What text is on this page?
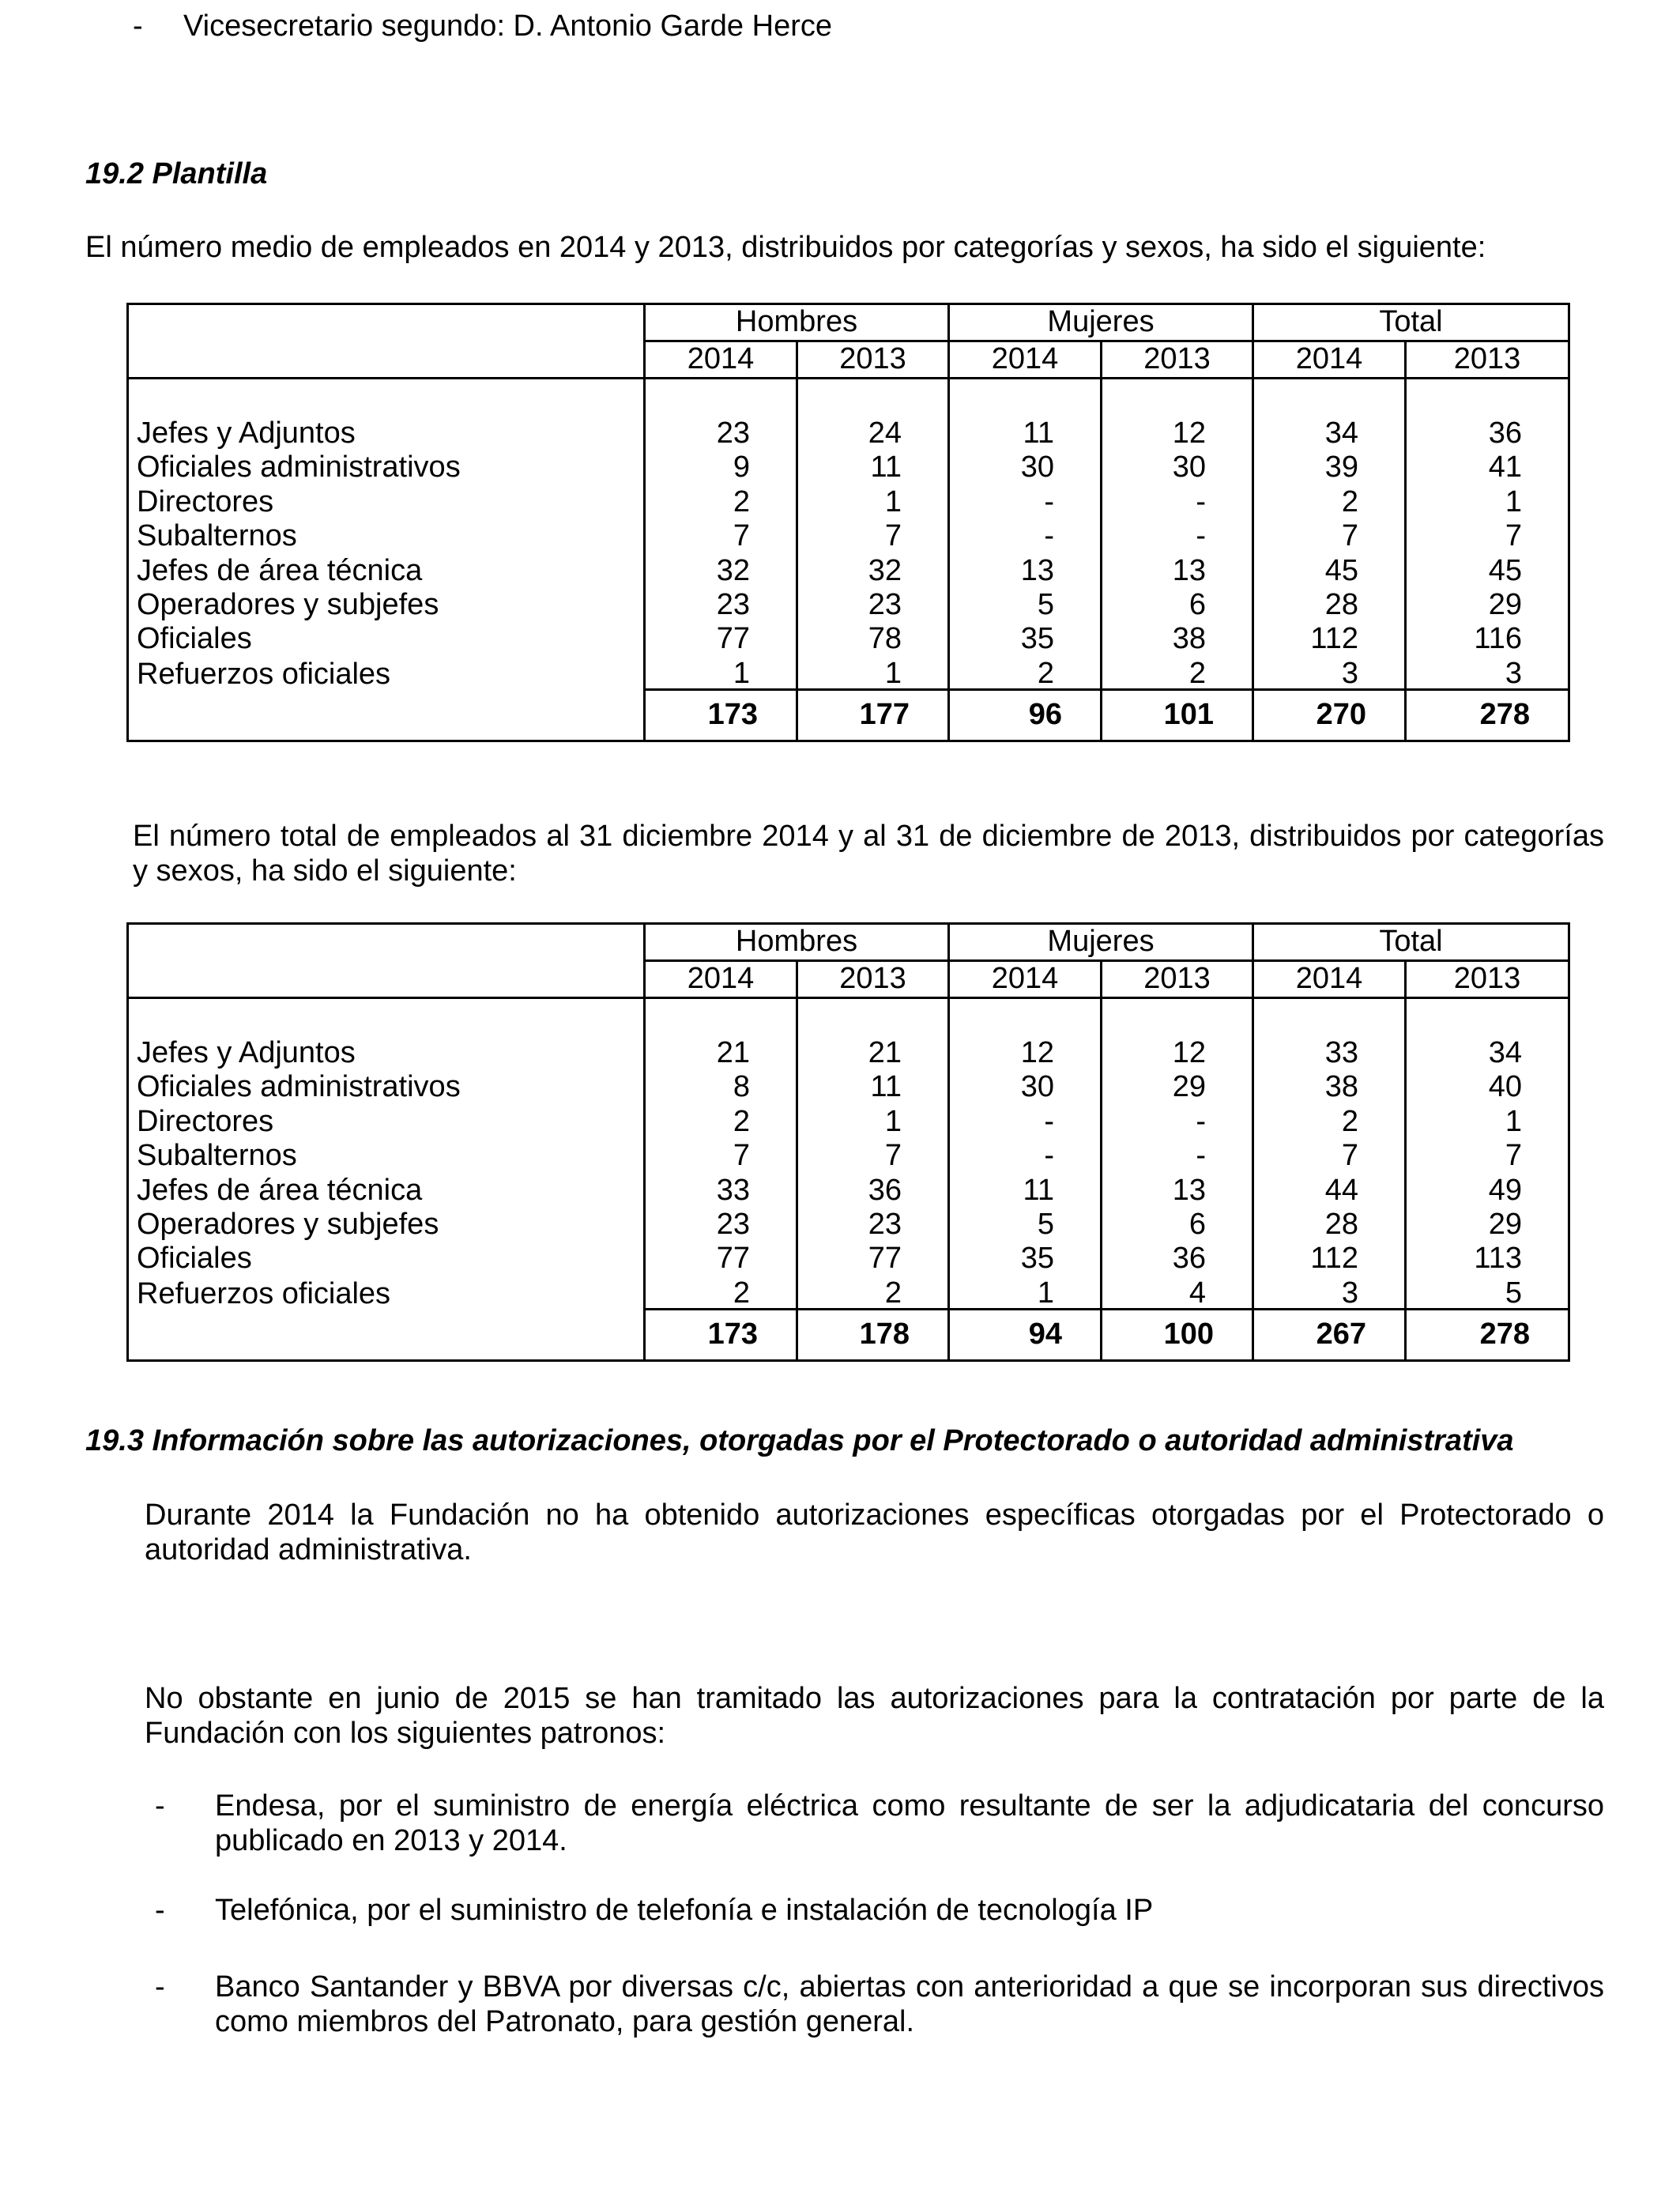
- Vicesecretario segundo: D. Antonio Garde Herce
19.2 Plantilla
El número medio de empleados en 2014 y 2013, distribuidos por categorías y sexos, ha sido el siguiente:
	Hombres		Mujeres		Total	
	2014	2013	2014	2013	2014	2013

Jefes y Adjuntos	23	24	11	12	34	36
Oficiales administrativos	9	11	30	30	39	41
Directores	2	1	-	-	2	1
Subalternos	7	7	-	-	7	7
Jefes de área técnica	32	32	13	13	45	45
Operadores y subjefes	23	23	5	6	28	29
Oficiales	77	78	35	38	112	116
Refuerzos oficiales	1	1	2	2	3	3
	173	177	96	101	270	278
El número total de empleados al 31 diciembre 2014 y al 31 de diciembre de 2013, distribuidos por categorías y sexos, ha sido el siguiente:
	Hombres		Mujeres		Total	
	2014	2013	2014	2013	2014	2013

Jefes y Adjuntos	21	21	12	12	33	34
Oficiales administrativos	8	11	30	29	38	40
Directores	2	1	-	-	2	1
Subalternos	7	7	-	-	7	7
Jefes de área técnica	33	36	11	13	44	49
Operadores y subjefes	23	23	5	6	28	29
Oficiales	77	77	35	36	112	113
Refuerzos oficiales	2	2	1	4	3	5
	173	178	94	100	267	278
19.3 Información sobre las autorizaciones, otorgadas por el Protectorado o autoridad administrativa
Durante 2014 la Fundación no ha obtenido autorizaciones específicas otorgadas por el Protectorado o autoridad administrativa.
No obstante en junio de 2015 se han tramitado las autorizaciones para la contratación por parte de la Fundación con los siguientes patronos:
- Endesa, por el suministro de energía eléctrica como resultante de ser la adjudicataria del concurso publicado en 2013 y 2014.
- Telefónica, por el suministro de telefonía e instalación de tecnología IP
- Banco Santander y BBVA por diversas c/c, abiertas con anterioridad a que se incorporan sus directivos como miembros del Patronato, para gestión general.
